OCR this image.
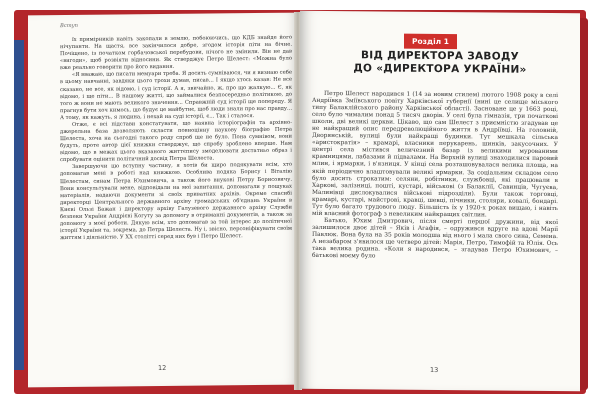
Вступ

їх примірників навіть закопали в землю, побоюючись, що КДБ знайде його нічупанти. На щастя, все закінчилося добре, згодом історія піти на бічне. Почіщено, із початком горбачовської перебудови, нічого не змінили. Він не дав «вигоди», щоб розвіяти відносини. Як стверджує Петро Шелест: «Можна було вже реально говорити про його видання.

«Я вважаю, що писати мемуари треба. Я досить сумніваюся, чи я визнаю себе в цьому навчанні, завдяки цього трохи думав, писав... І якщо хтось казав: Не все сказано, не все, як відомо, і суд історії. А я, звичайно, ж, про що жалкую... Є, як відомо, і ще піти... В нашому житті, що займалися безпосередньо політикою, до того ж вони не мають великого значення... Справжній суд історії ще попереду. Я прагнув бути хоч кимось, що будує це майбутнє, щоб люди знали про нас правду... А тому, як кажуть, я людина, і нехай на суді історії, є... Так і сталося.

Отже, є всі підстави констатувати, що наявна історіографія та архівно-джерельна база дозволяють скласти повноцінну наукову біографію Петра Шелеста, хоча на сьогодні такого роду спроб ще не було. Пона сумнівом, вони будуть, проте автор цієї книжки стверджує, що спробу зроблено вперше. Нам відомо, що в межах цього вказаного життєпису змоделювати достатньо образ і спробувати оцінити політичний досвід Петра Шелеста.

Завершуючи цю вступну частину, я хотів би щиро подякувати всім, хто допомагав мені в роботі над книжкою. Особлива подяка Борису і Віталію Шелестам, синам Петра Юхимовича, а також його внукові Петру Борисовичу. Вони консультували мене, відповідали на мої запитання, допомагали у пошуках матеріалів, надаючи документи зі своїх приватних архівів. Окреме спасибі директорці Центрального державного архіву громадських об'єднань України в Києві Ользі Бажан і директору архіву Галузевого державного архіву Служби безпеки України Андрієві Когуту за допомогу в отриманні документів, а також за допомогу з моєї роботи. Дякую всім, хто допомагав за той інтерес до політичної історії України та, зокрема, до Петра Шелеста. Ну і, звісно, персоніфікувати своїм життям і діяльністю. У XX столітті серед них був і Петро Шелест.

12
Розділ 1
ВІД ДИРЕКТОРА ЗАВОДУ
ДО «ДИРЕКТОРА УКРАЇНИ»

Петро Шелест народився 1 (14 за новим стилем) лютого 1908 року в селі Андріївка Зміївського повіту Харківської губернії (нині це селище міського типу Балаклійського району Харківської області). Засноване це у 1663 році, село було чималим понад 5 тисяч дворів. У селі була гімназія, три початкові школи, дві великі церкви. Цікаво, що сам Шелест з приємністю згадував це не найкращий опис передреволюційного життя в Андріївці. На головній, Дворянській, вулиці були найкращі будинки. Тут мешкала сільська «аристократія» – крамарі, власники перукарень, шинків, закусочних. У центрі села містився величезний базар із великими мурованими крамницями, лабазами й підвалами. На Верхній вулиці знаходилися паровий млин, і ярмарки, і в'язниця. У кінці села розташовувалася велика площа, на якій періодично влаштовували великі ярмарки. За соціальним складом село було досить строкатим: селяни, робітники, службовці, які працювали в Харкові, залізниці, пошті, кустарі, військові (з Балаклії, Савинців, Чугуєва, Малинівці дислокувалися військові підрозділи). Були також торговці, крамарі, кустарі, майстрові, кравці, шевці, пічники, столяри, ковалі, бондарі. Тут було багато трудового люду. Більшість їх у 1920-х роках вищаю, і навіть мій власний фотограф з невеликим найкращих світлин.

Батько, Юхим Дмитрович, після смерті першої дружини, від якої залишилося двоє дітей – Яків і Агафія, – одружився вдруге на вдові Марії Павлюк. Вона була на 35 років молодша від нього і мала свого сина, Семена. А незабаром з'явилося ще четверо дітей: Марія, Петро, Тимофій та Юлія. Ось така велика родина. «Коли я народився, – згадував Петро Юхимович, – батькові моєму було

13
